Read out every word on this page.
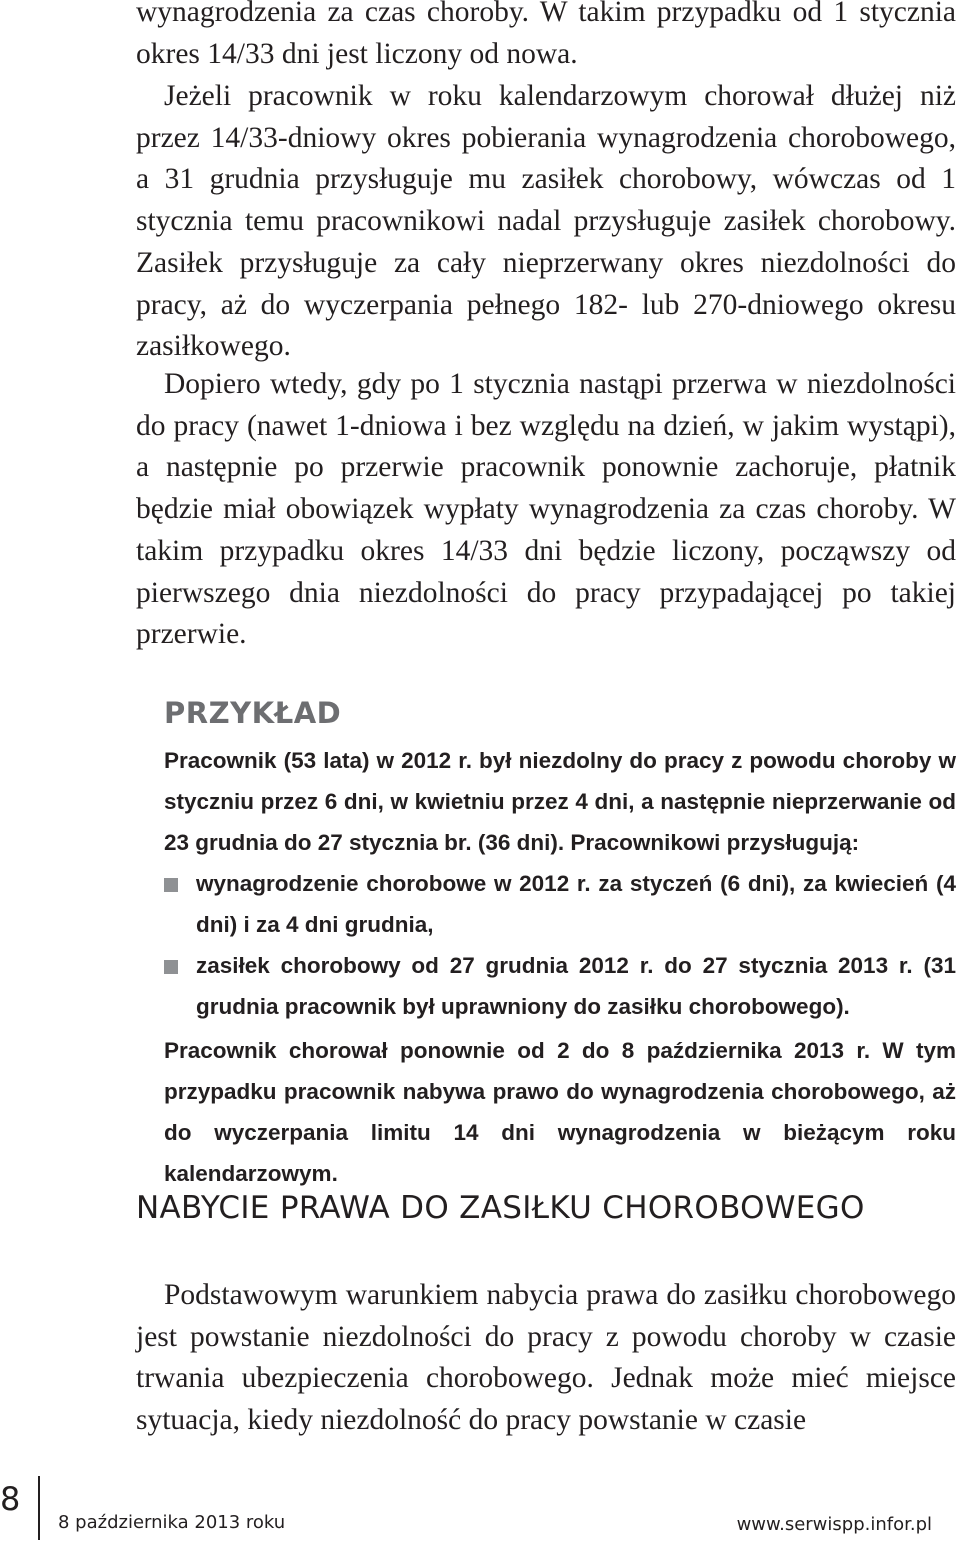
wynagrodzenia za czas choroby. W takim przypadku od 1 stycznia okres 14/33 dni jest liczony od nowa.

Jeżeli pracownik w roku kalendarzowym chorował dłużej niż przez 14/33-dniowy okres pobierania wynagrodzenia chorobowego, a 31 grudnia przysługuje mu zasiłek chorobowy, wówczas od 1 stycznia temu pracownikowi nadal przysługuje zasiłek chorobowy. Zasiłek przysługuje za cały nieprzerwany okres niezdolności do pracy, aż do wyczerpania pełnego 182- lub 270-dniowego okresu zasiłkowego.

Dopiero wtedy, gdy po 1 stycznia nastąpi przerwa w niezdolności do pracy (nawet 1-dniowa i bez względu na dzień, w jakim wystąpi), a następnie po przerwie pracownik ponownie zachoruje, płatnik będzie miał obowiązek wypłaty wynagrodzenia za czas choroby. W takim przypadku okres 14/33 dni będzie liczony, począwszy od pierwszego dnia niezdolności do pracy przypadającej po takiej przerwie.

PRZYKŁAD

Pracownik (53 lata) w 2012 r. był niezdolny do pracy z powodu choroby w styczniu przez 6 dni, w kwietniu przez 4 dni, a następnie nieprzerwanie od 23 grudnia do 27 stycznia br. (36 dni). Pracownikowi przysługują:

wynagrodzenie chorobowe w 2012 r. za styczeń (6 dni), za kwiecień (4 dni) i za 4 dni grudnia,
zasiłek chorobowy od 27 grudnia 2012 r. do 27 stycznia 2013 r. (31 grudnia pracownik był uprawniony do zasiłku chorobowego).

Pracownik chorował ponownie od 2 do 8 października 2013 r. W tym przypadku pracownik nabywa prawo do wynagrodzenia chorobowego, aż do wyczerpania limitu 14 dni wynagrodzenia w bieżącym roku kalendarzowym.

NABYCIE PRAWA DO ZASIŁKU CHOROBOWEGO

Podstawowym warunkiem nabycia prawa do zasiłku chorobowego jest powstanie niezdolności do pracy z powodu choroby w czasie trwania ubezpieczenia chorobowego. Jednak może mieć miejsce sytuacja, kiedy niezdolność do pracy powstanie w czasie

8
8 października 2013 roku	www.serwispp.infor.pl
